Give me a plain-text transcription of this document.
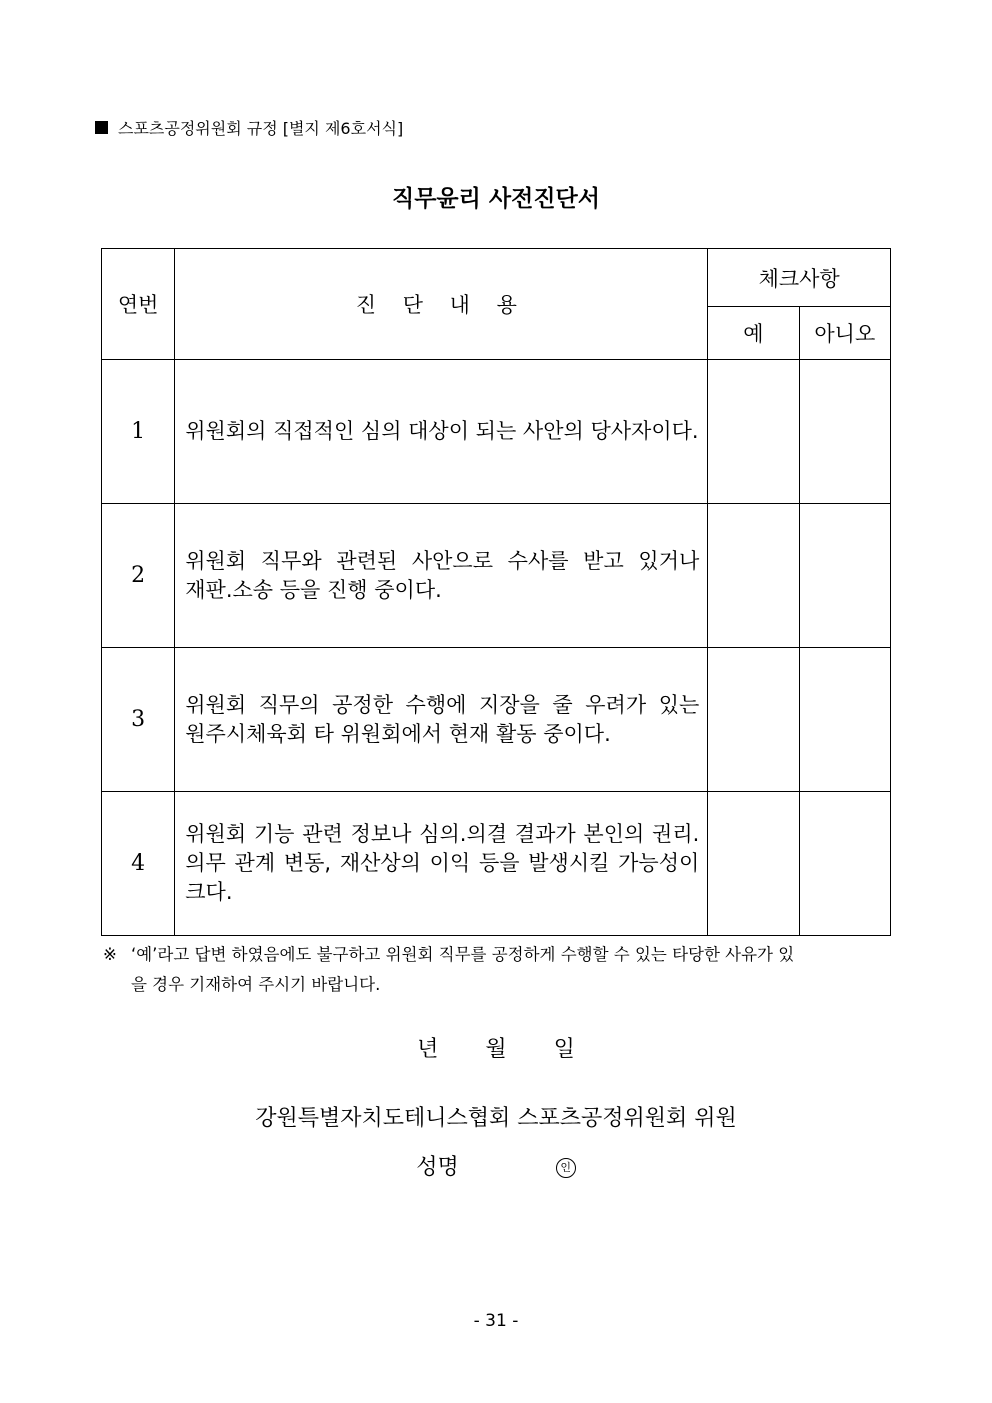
스포츠공정위원회 규정 [별지 제6호서식]
직무윤리 사전진단서
연번	진 단 내 용	체크사항	
		예	아니오
1	위원회의 직접적인 심의 대상이 되는 사안의 당사자이다.		
2	위원회 직무와 관련된 사안으로 수사를 받고 있거나 재판.소송 등을 진행 중이다.		
3	위원회 직무의 공정한 수행에 지장을 줄 우려가 있는 원주시체육회 타 위원회에서 현재 활동 중이다.		
4	위원회 기능 관련 정보나 심의.의결 결과가 본인의 권리.의무 관계 변동, 재산상의 이익 등을 발생시킬 가능성이 크다.		
※ ‘예’라고 답변 하였음에도 불구하고 위원회 직무를 공정하게 수행할 수 있는 타당한 사유가 있
을 경우 기재하여 주시기 바랍니다.
년 월 일
강원특별자치도테니스협회 스포츠공정위원회 위원
성명	인
- 31 -
